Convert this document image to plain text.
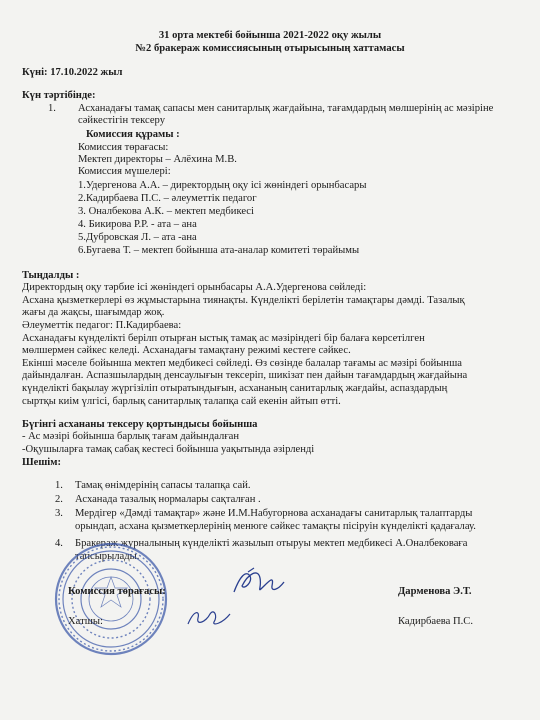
31 орта мектебі бойынша 2021-2022 оқу жылы
№2 бракераж комиссиясының отырысының хаттамасы
Күні: 17.10.2022 жыл
Күн тәртібінде:
1. Асханадағы тамақ сапасы мен санитарлық жағдайына, тағамдардың мөлшерінің ас мәзіріне
сәйкестігін тексеру
Комиссия құрамы :
Комиссия төрағасы:
Мектеп директоры – Алёхина М.В.
Комиссия мүшелері:
1.Удергенова А.А. – директордың оқу ісі жөніндегі орынбасары
2.Кадирбаева П.С. – әлеуметтік педагог
3. Оналбекова А.К. – мектеп медбикесі
4. Бикирова Р.Р. - ата – ана
5.Дубровская Л. – ата -ана
6.Бугаева Т. – мектеп бойынша ата-аналар комитеті төрайымы
Тыңдалды :
Директордың оқу тәрбие ісі жөніндегі орынбасары А.А.Удергенова сөйледі:
Асхана қызметкерлері өз жұмыстарына тиянақты. Күнделікті берілетін тамақтары дәмді. Тазалық
жағы да жақсы, шағымдар жоқ.
Әлеуметтік педагог: П.Кадирбаева:
Асханадағы күнделікті берілп отырған ыстық тамақ ас мәзіріндегі бір балаға көрсетілген
мөлшермен сәйкес келеді. Асханадағы тамақтану режимі кестеге сәйкес.
Екінші мәселе бойынша мектеп медбикесі сөйледі. Өз сөзінде балалар тағамы ас мәзірі бойынша
дайындалған. Аспазшылардың денсаулығын тексеріп, шикізат пен дайын тағамдардың жағдайына
күнделікті бақылау жүргізіліп отыратындығын, асхананың санитарлық жағдайы, аспаздардың
сыртқы киім үлгісі, барлық санитарлық талапқа сай екенін айтып өтті.
Бүгінгі асхананы тексеру қортындысы бойынша
- Ас мәзірі бойынша барлық тағам дайындалған
-Оқушыларға тамақ сабақ кестесі бойынша уақытында әзірленді
Шешім:
1. Тамақ өнімдерінің сапасы талапқа сай.
2. Асханада тазалық нормалары сақталған .
3. Мердігер «Дәмді тамақтар» және И.М.Набугорнова асханадағы санитарлық талаптарды
орындап, асхана қызметкерлерінің менюге сәйкес тамақты пісіруін күнделікті қадағалау.
4. Бракераж журналының күнделікті жазылып отыруы мектеп медбикесі А.Оналбековаға
тапсырылады.
Комиссия төрағасы:	Дарменова Э.Т.
Хатшы:	Кадирбаева П.С.
